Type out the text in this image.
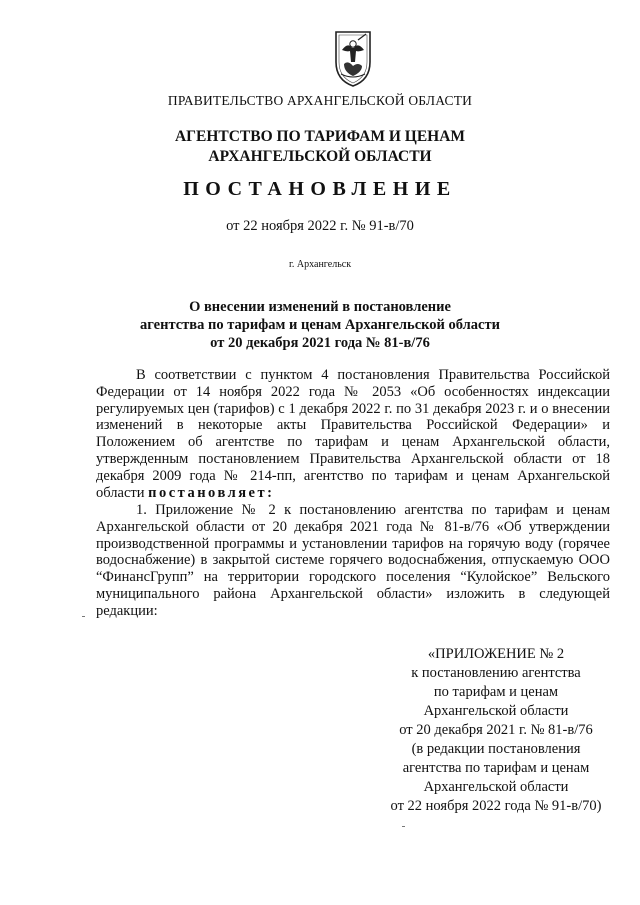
ПРАВИТЕЛЬСТВО АРХАНГЕЛЬСКОЙ ОБЛАСТИ
АГЕНТСТВО ПО ТАРИФАМ И ЦЕНАМ
АРХАНГЕЛЬСКОЙ ОБЛАСТИ
ПОСТАНОВЛЕНИЕ
от 22 ноября 2022 г. № 91-в/70
г. Архангельск
О внесении изменений в постановление
агентства по тарифам и ценам Архангельской области
от 20 декабря 2021 года № 81-в/76
В соответствии с пунктом 4 постановления Правительства Российской Федерации от 14 ноября 2022 года № 2053 «Об особенностях индексации регулируемых цен (тарифов) с 1 декабря 2022 г. по 31 декабря 2023 г. и о внесении изменений в некоторые акты Правительства Российской Федерации» и Положением об агентстве по тарифам и ценам Архангельской области, утвержденным постановлением Правительства Архангельской области от 18 декабря 2009 года № 214-пп, агентство по тарифам и ценам Архангельской области постановляет:
1. Приложение № 2 к постановлению агентства по тарифам и ценам Архангельской области от 20 декабря 2021 года № 81-в/76 «Об утверждении производственной программы и установлении тарифов на горячую воду (горячее водоснабжение) в закрытой системе горячего водоснабжения, отпускаемую ООО “ФинансГрупп” на территории городского поселения “Кулойское” Вельского муниципального района Архангельской области» изложить в следующей редакции:
«ПРИЛОЖЕНИЕ № 2
к постановлению агентства
по тарифам и ценам
Архангельской области
от 20 декабря 2021 г. № 81-в/76
(в редакции постановления
агентства по тарифам и ценам
Архангельской области
от 22 ноября 2022 года № 91-в/70)
